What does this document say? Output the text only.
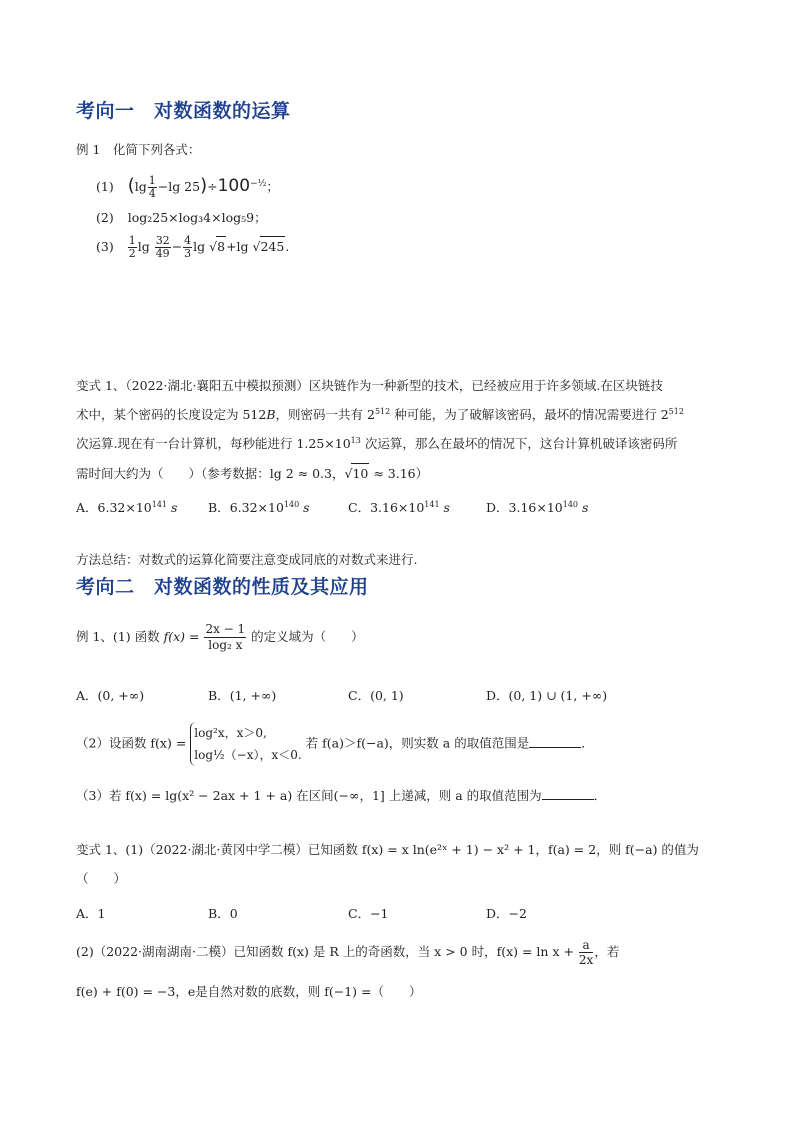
考向一　对数函数的运算
例 1　化简下列各式：
(1) ($\lg \frac{1}{4} -\lg$ $25)\div 100^{-\frac{1}{2}}$；
(2) log₂25×log₃4×log₅9；
$(3) \frac{1}{2}$ $\lg \frac{32}{49} - \frac{4}{3}$ lg √8+lg √245.
变式 1、（2022·湖北·襄阳五中模拟预测）区块链作为一种新型的技术，已经被应用于许多领域.在区块链技
术中，某个密码的长度设定为 512B，则密码一共有 $2^{512}$ 种可能，为了破解该密码，最坏的情况需要进行 $2^{512}$
次运算.现在有一台计算机，每秒能进行 $1.25\times 10^{13}$ 次运算，那么在最坏的情况下，这台计算机破译该密码所
需时间大约为（　　）（参考数据：lg 2 ≈ 0.3，√10 ≈ 3.16）
A．$6.32\times 10^{141}$ s B．$6.32\times 10^{140}$ s	C．$3.16\times 10^{141}$ s	D．$3.16\times 10^{140}$ s
方法总结：对数式的运算化简要注意变成同底的对数式来进行.
考向二　对数函数的性质及其应用
例 1、(1) 函数 $f(x) = \frac{2x - 1}{\text{log₂ x}}$ 的定义域为（　　）
A．(0, +∞)	B．(1, +∞)	C．(0, 1)	D．(0, 1) ∪ (1, +∞)
（2）设函数 f(x) =
log²x，x＞0,
log½（−x），x＜0.
若 f(a)＞f(−a)，则实数 a 的取值范围是	．
（3）若 f(x) = lg(x² − 2ax + 1 + a) 在区间(−∞，1] 上递减，则 a 的取值范围为	．
变式 1、(1)（2022·湖北·黄冈中学二模）已知函数 f(x) = x ln(e²ˣ + 1) − x² + 1，f(a) = 2，则 f(−a) 的值为
（　　）
A．1	B．0	C．−1	D．−2
(2)（2022·湖南湖南·二模）已知函数 f(x) 是 R 上的奇函数，当 x > 0 时，$f(x) = \ln x + \frac{a}{2x}$ ，若
f(e) + f(0) = −3，e是自然对数的底数，则 f(−1) =（　　）
